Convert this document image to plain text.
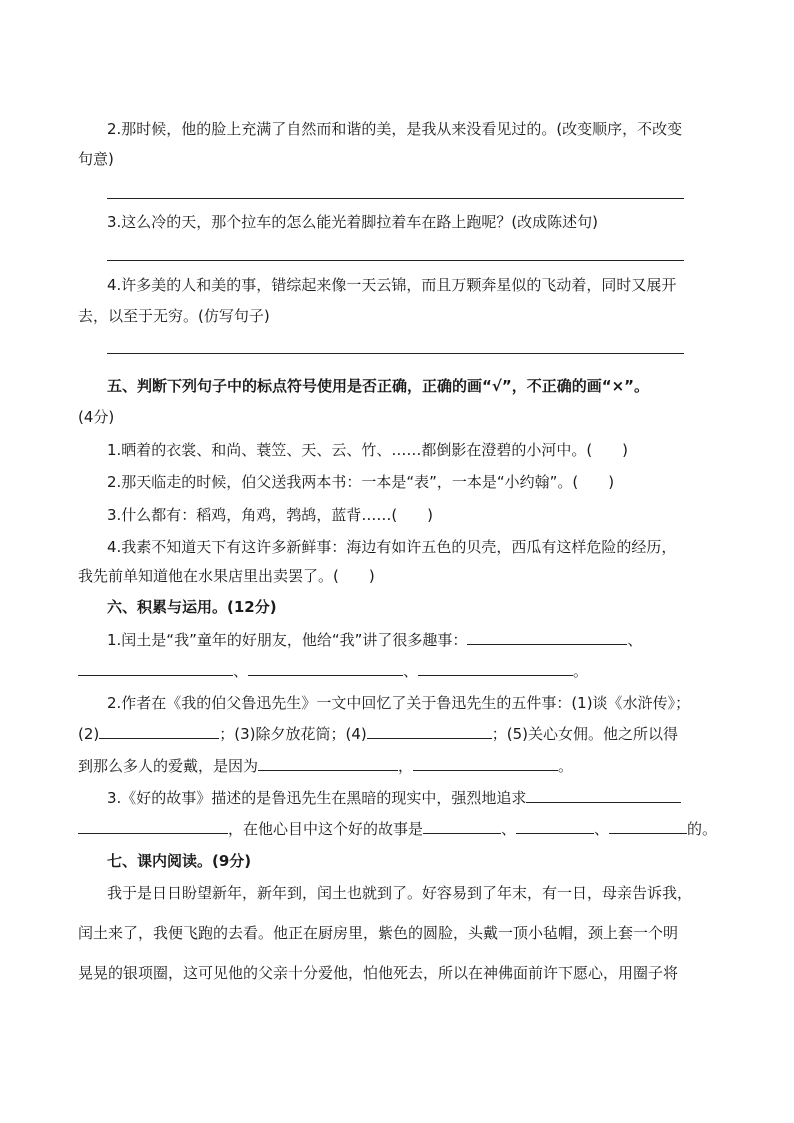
2.那时候，他的脸上充满了自然而和谐的美，是我从来没看见过的。(改变顺序，不改变
句意)
3.这么冷的天，那个拉车的怎么能光着脚拉着车在路上跑呢？(改成陈述句)
4.许多美的人和美的事，错综起来像一天云锦，而且万颗奔星似的飞动着，同时又展开
去，以至于无穷。(仿写句子)
五、判断下列句子中的标点符号使用是否正确，正确的画“√”，不正确的画“×”。
(4分)
1.晒着的衣裳、和尚、蓑笠、天、云、竹、……都倒影在澄碧的小河中。(　　)
2.那天临走的时候，伯父送我两本书：一本是“表”，一本是“小约翰”。(　　)
3.什么都有：稻鸡，角鸡，鹁鸪，蓝背……(　　)
4.我素不知道天下有这许多新鲜事：海边有如许五色的贝壳，西瓜有这样危险的经历，
我先前单知道他在水果店里出卖罢了。(　　)
六、积累与运用。(12分)
1.闰土是“我”童年的好朋友，他给“我”讲了很多趣事：	、
、	、	。
2.作者在《我的伯父鲁迅先生》一文中回忆了关于鲁迅先生的五件事：(1)谈《水浒传》；
(2)	；(3)除夕放花筒；(4)	；(5)关心女佣。他之所以得
到那么多人的爱戴，是因为	，	。
3.《好的故事》描述的是鲁迅先生在黑暗的现实中，强烈地追求
，在他心目中这个好的故事是	、	、	的。
七、课内阅读。(9分)
我于是日日盼望新年，新年到，闰土也就到了。好容易到了年末，有一日，母亲告诉我，
闰土来了，我便飞跑的去看。他正在厨房里，紫色的圆脸，头戴一顶小毡帽，颈上套一个明
晃晃的银项圈，这可见他的父亲十分爱他，怕他死去，所以在神佛面前许下愿心，用圈子将
